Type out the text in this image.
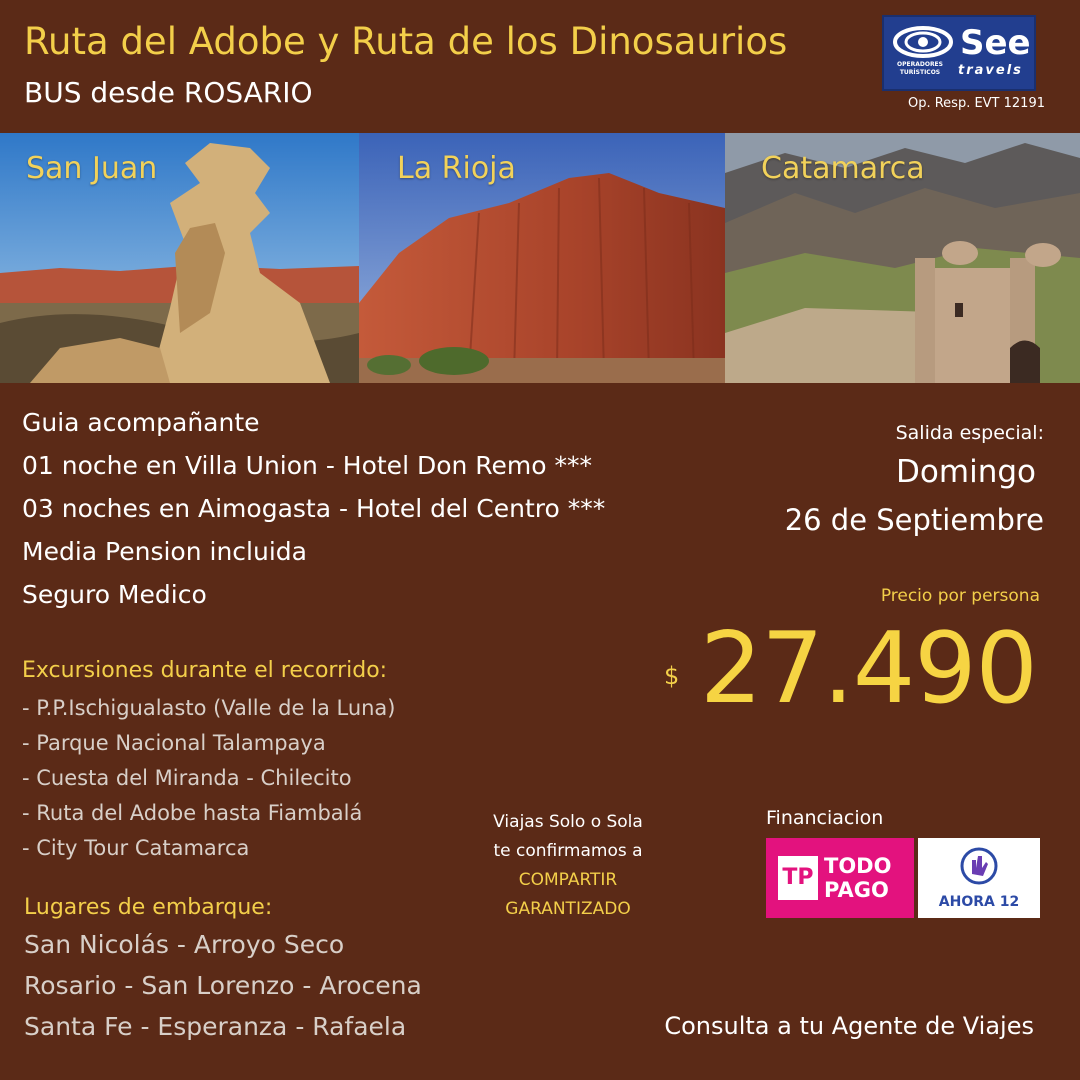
Ruta del Adobe y Ruta de los Dinosaurios
BUS desde ROSARIO
See
travels
OPERADORES TURÍSTICOS
Op. Resp. EVT 12191
San Juan	La Rioja	Catamarca
Guia acompañante
01 noche en Villa Union - Hotel Don Remo ***
03 noches en Aimogasta - Hotel del Centro ***
Media Pension incluida
Seguro Medico
Excursiones durante el recorrido:
- P.P.Ischigualasto (Valle de la Luna)
- Parque Nacional Talampaya
- Cuesta del Miranda - Chilecito
- Ruta del Adobe hasta Fiambalá
- City Tour Catamarca
Lugares de embarque:
San Nicolás - Arroyo Seco
Rosario - San Lorenzo - Arocena
Santa Fe - Esperanza - Rafaela
Salida especial:
Domingo
26 de Septiembre
Precio por persona
$ 27.490
Viajas Solo o Sola
te confirmamos a
COMPARTIR
GARANTIZADO
Financiacion
TP TODO
PAGO	AHORA 12
Consulta a tu Agente de Viajes
